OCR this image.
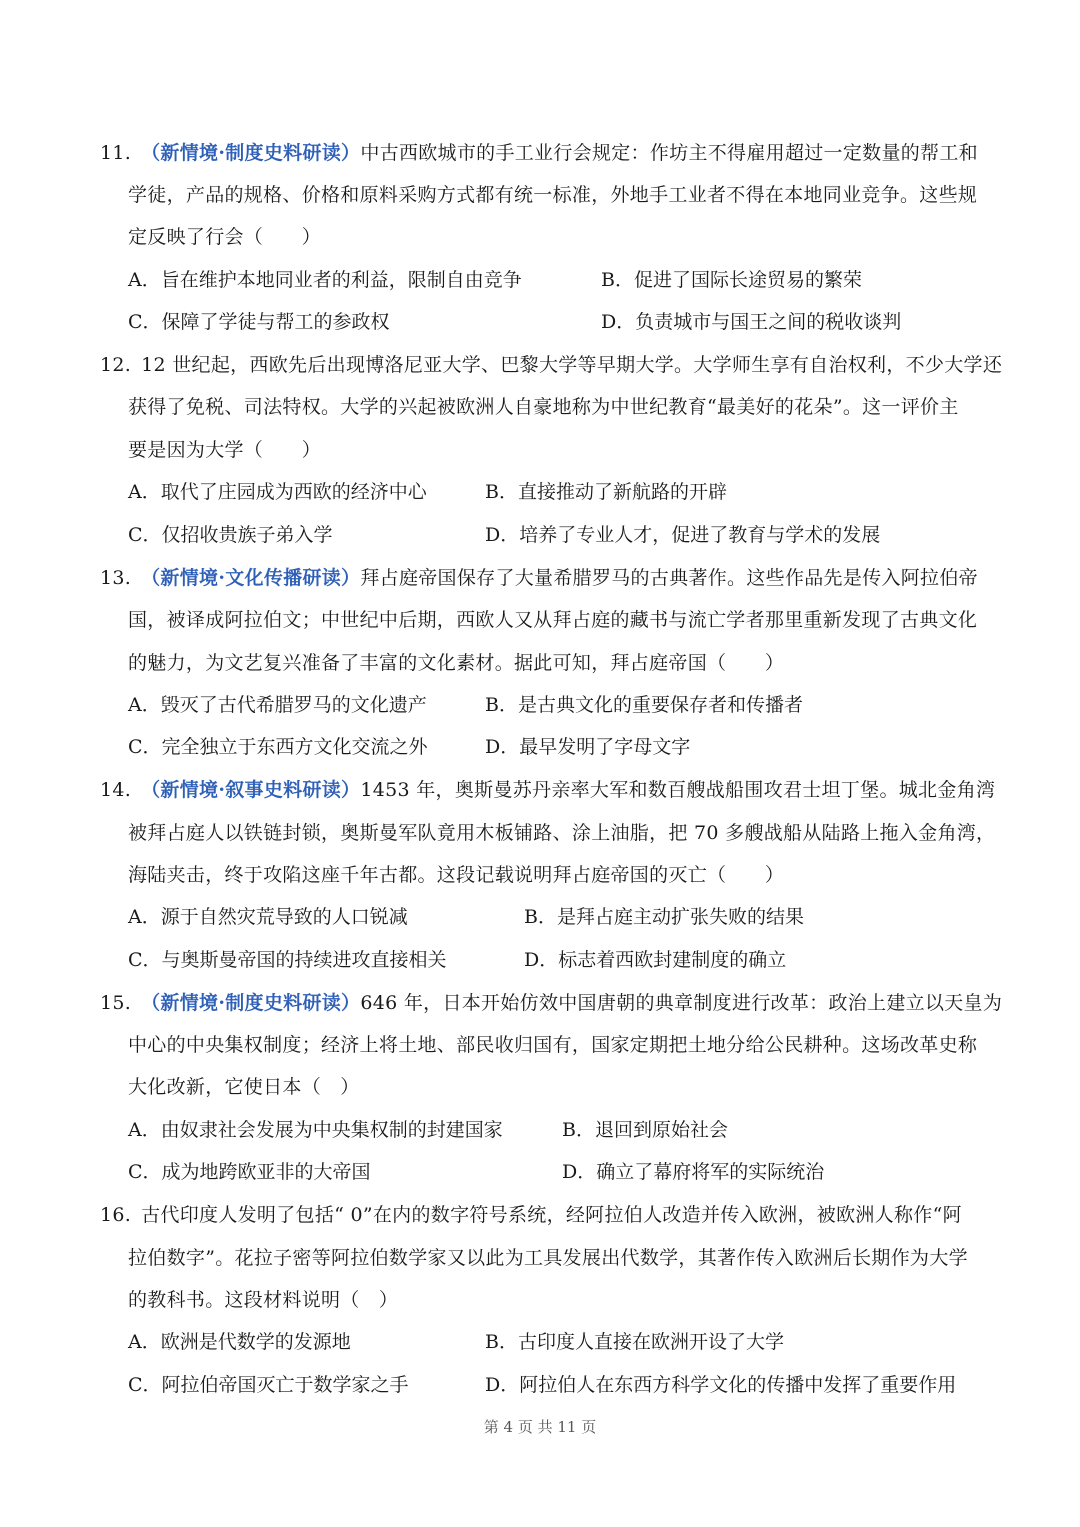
11. （新情境·制度史料研读）中古西欧城市的手工业行会规定：作坊主不得雇用超过一定数量的帮工和
学徒，产品的规格、价格和原料采购方式都有统一标准，外地手工业者不得在本地同业竞争。这些规
定反映了行会（　　）
A．旨在维护本地同业者的利益，限制自由竞争	B．促进了国际长途贸易的繁荣
C．保障了学徒与帮工的参政权	D．负责城市与国王之间的税收谈判
12. 12 世纪起，西欧先后出现博洛尼亚大学、巴黎大学等早期大学。大学师生享有自治权利，不少大学还
获得了免税、司法特权。大学的兴起被欧洲人自豪地称为中世纪教育“最美好的花朵”。这一评价主
要是因为大学（　　）
A．取代了庄园成为西欧的经济中心	B．直接推动了新航路的开辟
C．仅招收贵族子弟入学	D．培养了专业人才，促进了教育与学术的发展
13. （新情境·文化传播研读）拜占庭帝国保存了大量希腊罗马的古典著作。这些作品先是传入阿拉伯帝
国，被译成阿拉伯文；中世纪中后期，西欧人又从拜占庭的藏书与流亡学者那里重新发现了古典文化
的魅力，为文艺复兴准备了丰富的文化素材。据此可知，拜占庭帝国（　　）
A．毁灭了古代希腊罗马的文化遗产	B．是古典文化的重要保存者和传播者
C．完全独立于东西方文化交流之外	D．最早发明了字母文字
14. （新情境·叙事史料研读）1453 年，奥斯曼苏丹亲率大军和数百艘战船围攻君士坦丁堡。城北金角湾
被拜占庭人以铁链封锁，奥斯曼军队竟用木板铺路、涂上油脂，把 70 多艘战船从陆路上拖入金角湾，
海陆夹击，终于攻陷这座千年古都。这段记载说明拜占庭帝国的灭亡（　　）
A．源于自然灾荒导致的人口锐减	B．是拜占庭主动扩张失败的结果
C．与奥斯曼帝国的持续进攻直接相关	D．标志着西欧封建制度的确立
15. （新情境·制度史料研读）646 年，日本开始仿效中国唐朝的典章制度进行改革：政治上建立以天皇为
中心的中央集权制度；经济上将土地、部民收归国有，国家定期把土地分给公民耕种。这场改革史称
大化改新，它使日本（　）
A．由奴隶社会发展为中央集权制的封建国家	B．退回到原始社会
C．成为地跨欧亚非的大帝国	D．确立了幕府将军的实际统治
16. 古代印度人发明了包括“ 0”在内的数字符号系统，经阿拉伯人改造并传入欧洲，被欧洲人称作“阿
拉伯数字”。花拉子密等阿拉伯数学家又以此为工具发展出代数学，其著作传入欧洲后长期作为大学
的教科书。这段材料说明（　）
A．欧洲是代数学的发源地	B．古印度人直接在欧洲开设了大学
C．阿拉伯帝国灭亡于数学家之手	D．阿拉伯人在东西方科学文化的传播中发挥了重要作用
第 4 页 共 11 页
